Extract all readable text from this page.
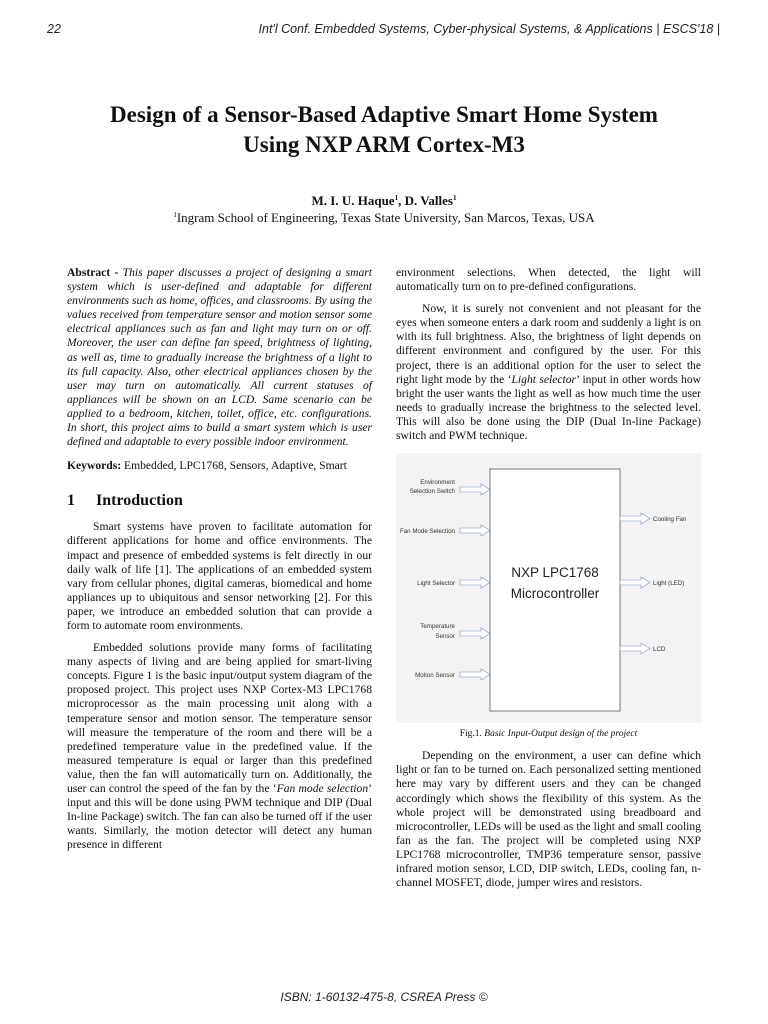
22	Int'l Conf. Embedded Systems, Cyber-physical Systems, & Applications | ESCS'18 |
Design of a Sensor-Based Adaptive Smart Home System
Using NXP ARM Cortex-M3
M. I. U. Haque$^1$, D. Valles$^1$
$^1$Ingram School of Engineering, Texas State University, San Marcos, Texas, USA

Abstract - This paper discusses a project of designing a smart system which is user-defined and adaptable for different environments such as home, offices, and classrooms. By using the values received from temperature sensor and motion sensor some electrical appliances such as fan and light may turn on or off. Moreover, the user can define fan speed, brightness of lighting, as well as, time to gradually increase the brightness of a light to its full capacity. Also, other electrical appliances chosen by the user may turn on automatically. All current statuses of appliances will be shown on an LCD. Same scenario can be applied to a bedroom, kitchen, toilet, office, etc. configurations. In short, this project aims to build a smart system which is user defined and adaptable to every possible indoor environment.

Keywords: Embedded, LPC1768, Sensors, Adaptive, Smart

1 Introduction

Smart systems have proven to facilitate automation for different applications for home and office environments. The impact and presence of embedded systems is felt directly in our daily walk of life [1]. The applications of an embedded system vary from cellular phones, digital cameras, biomedical and home appliances up to ubiquitous and sensor networking [2]. For this paper, we introduce an embedded solution that can provide a form to automate room environments.

Embedded solutions provide many forms of facilitating many aspects of living and are being applied for smart-living concepts. Figure 1 is the basic input/output system diagram of the proposed project. This project uses NXP Cortex-M3 LPC1768 microprocessor as the main processing unit along with a temperature sensor and motion sensor. The temperature sensor will measure the temperature of the room and there will be a predefined temperature value in the predefined value. If the measured temperature is equal or larger than this predefined value, then the fan will automatically turn on. Additionally, the user can control the speed of the fan by the ‘Fan mode selection’ input and this will be done using PWM technique and DIP (Dual In-line Package) switch. The fan can also be turned off if the user wants. Similarly, the motion detector will detect any human presence in different

environment selections. When detected, the light will automatically turn on to pre-defined configurations.

Now, it is surely not convenient and not pleasant for the eyes when someone enters a dark room and suddenly a light is on with its full brightness. Also, the brightness of light depends on different environment and configured by the user. For this project, there is an additional option for the user to select the right light mode by the ‘Light selector’ input in other words how bright the user wants the light as well as how much time the user needs to gradually increase the brightness to the selected level. This will also be done using the DIP (Dual In-line Package) switch and PWM technique.

NXP LPC1768
Microcontroller
Environment
Selection Switch
Fan Mode Selection
Light Selector
Temperature
Sensor
Motion Sensor
Cooling Fan
Light (LED)
LCD

Fig.1. Basic Input-Output design of the project

Depending on the environment, a user can define which light or fan to be turned on. Each personalized setting mentioned here may vary by different users and they can be changed accordingly which shows the flexibility of this system. As the whole project will be demonstrated using breadboard and microcontroller, LEDs will be used as the light and small cooling fan as the fan. The project will be completed using NXP LPC1768 microcontroller, TMP36 temperature sensor, passive infrared motion sensor, LCD, DIP switch, LEDs, cooling fan, n-channel MOSFET, diode, jumper wires and resistors.

ISBN: 1-60132-475-8, CSREA Press ©
